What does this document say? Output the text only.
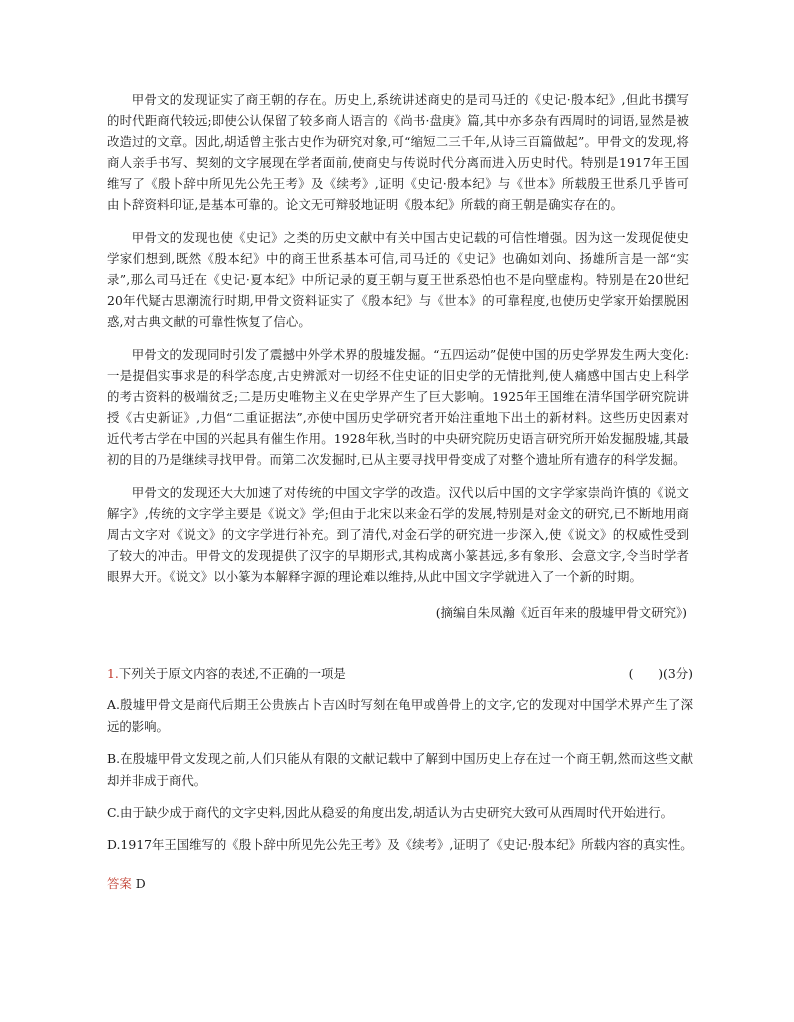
甲骨文的发现证实了商王朝的存在。历史上,系统讲述商史的是司马迁的《史记·殷本纪》,但此书撰写的时代距商代较远;即使公认保留了较多商人语言的《尚书·盘庚》篇,其中亦多杂有西周时的词语,显然是被改造过的文章。因此,胡适曾主张古史作为研究对象,可“缩短二三千年,从诗三百篇做起”。甲骨文的发现,将商人亲手书写、契刻的文字展现在学者面前,使商史与传说时代分离而进入历史时代。特别是1917年王国维写了《殷卜辞中所见先公先王考》及《续考》,证明《史记·殷本纪》与《世本》所载殷王世系几乎皆可由卜辞资料印证,是基本可靠的。论文无可辩驳地证明《殷本纪》所载的商王朝是确实存在的。

甲骨文的发现也使《史记》之类的历史文献中有关中国古史记载的可信性增强。因为这一发现促使史学家们想到,既然《殷本纪》中的商王世系基本可信,司马迁的《史记》也确如刘向、扬雄所言是一部“实录”,那么司马迁在《史记·夏本纪》中所记录的夏王朝与夏王世系恐怕也不是向壁虚构。特别是在20世纪20年代疑古思潮流行时期,甲骨文资料证实了《殷本纪》与《世本》的可靠程度,也使历史学家开始摆脱困惑,对古典文献的可靠性恢复了信心。

甲骨文的发现同时引发了震撼中外学术界的殷墟发掘。“五四运动”促使中国的历史学界发生两大变化:一是提倡实事求是的科学态度,古史辨派对一切经不住史证的旧史学的无情批判,使人痛感中国古史上科学的考古资料的极端贫乏;二是历史唯物主义在史学界产生了巨大影响。1925年王国维在清华国学研究院讲授《古史新证》,力倡“二重证据法”,亦使中国历史学研究者开始注重地下出土的新材料。这些历史因素对近代考古学在中国的兴起具有催生作用。1928年秋,当时的中央研究院历史语言研究所开始发掘殷墟,其最初的目的乃是继续寻找甲骨。而第二次发掘时,已从主要寻找甲骨变成了对整个遗址所有遗存的科学发掘。

甲骨文的发现还大大加速了对传统的中国文字学的改造。汉代以后中国的文字学家崇尚许慎的《说文解字》,传统的文字学主要是《说文》学;但由于北宋以来金石学的发展,特别是对金文的研究,已不断地用商周古文字对《说文》的文字学进行补充。到了清代,对金石学的研究进一步深入,使《说文》的权威性受到了较大的冲击。甲骨文的发现提供了汉字的早期形式,其构成离小篆甚远,多有象形、会意文字,令当时学者眼界大开。《说文》以小篆为本解释字源的理论难以维持,从此中国文字学就进入了一个新的时期。

(摘编自朱凤瀚《近百年来的殷墟甲骨文研究》)
1.下列关于原文内容的表述,不正确的一项是	(　　)(3分)

A.殷墟甲骨文是商代后期王公贵族占卜吉凶时写刻在龟甲或兽骨上的文字,它的发现对中国学术界产生了深远的影响。

B.在殷墟甲骨文发现之前,人们只能从有限的文献记载中了解到中国历史上存在过一个商王朝,然而这些文献却并非成于商代。

C.由于缺少成于商代的文字史料,因此从稳妥的角度出发,胡适认为古史研究大致可从西周时代开始进行。

D.1917年王国维写的《殷卜辞中所见先公先王考》及《续考》,证明了《史记·殷本纪》所载内容的真实性。

答案 D
